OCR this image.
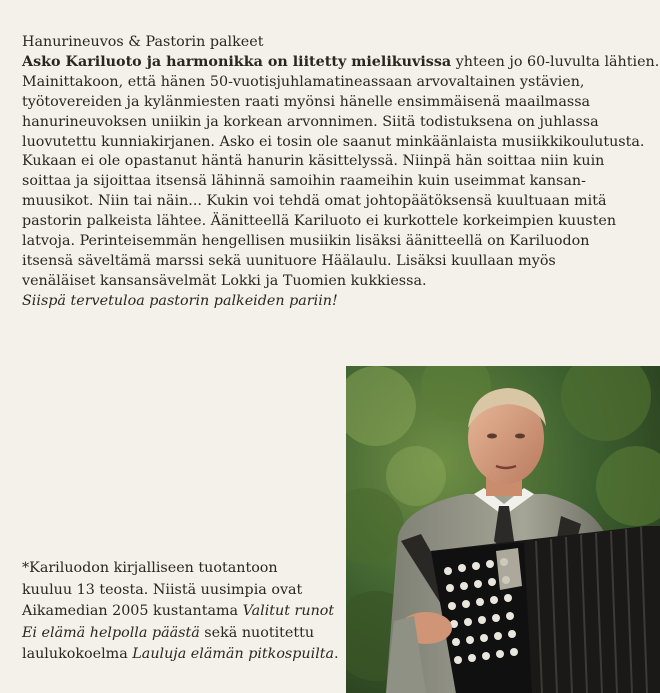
Hanurineuvos & Pastorin palkeet
Asko Kariluoto ja harmonikka on liitetty mielikuvissa yhteen jo 60-luvulta lähtien.
Mainittakoon, että hänen 50-vuotisjuhlamatineassaan arvovaltainen ystävien,
työtovereiden ja kylänmiesten raati myönsi hänelle ensimmäisenä maailmassa
hanurineuvoksen uniikin ja korkean arvonnimen. Siitä todistuksena on juhlassa
luovutettu kunniakirjanen. Asko ei tosin ole saanut minkäänlaista musiikkikoulutusta.
Kukaan ei ole opastanut häntä hanurin käsittelyssä. Niinpä hän soittaa niin kuin
soittaa ja sijoittaa itsensä lähinnä samoihin raameihin kuin useimmat kansan-
muusikot. Niin tai näin... Kukin voi tehdä omat johtopäätöksensä kuultuaan mitä
pastorin palkeista lähtee. Äänitteellä Kariluoto ei kurkottele korkeimpien kuusten
latvoja. Perinteisemmän hengellisen musiikin lisäksi äänitteellä on Kariluodon
itsensä säveltämä marssi sekä uunituore Häälaulu. Lisäksi kuullaan myös
venäläiset kansansävelmät Lokki ja Tuomien kukkiessa.
Siispä tervetuloa pastorin palkeiden pariin!
*Kariluodon kirjalliseen tuotantoon
kuuluu 13 teosta. Niistä uusimpia ovat
Aikamedian 2005 kustantama Valitut runot
Ei elämä helpolla päästä sekä nuotitettu
laulukokoelma Lauluja elämän pitkospuilta.
